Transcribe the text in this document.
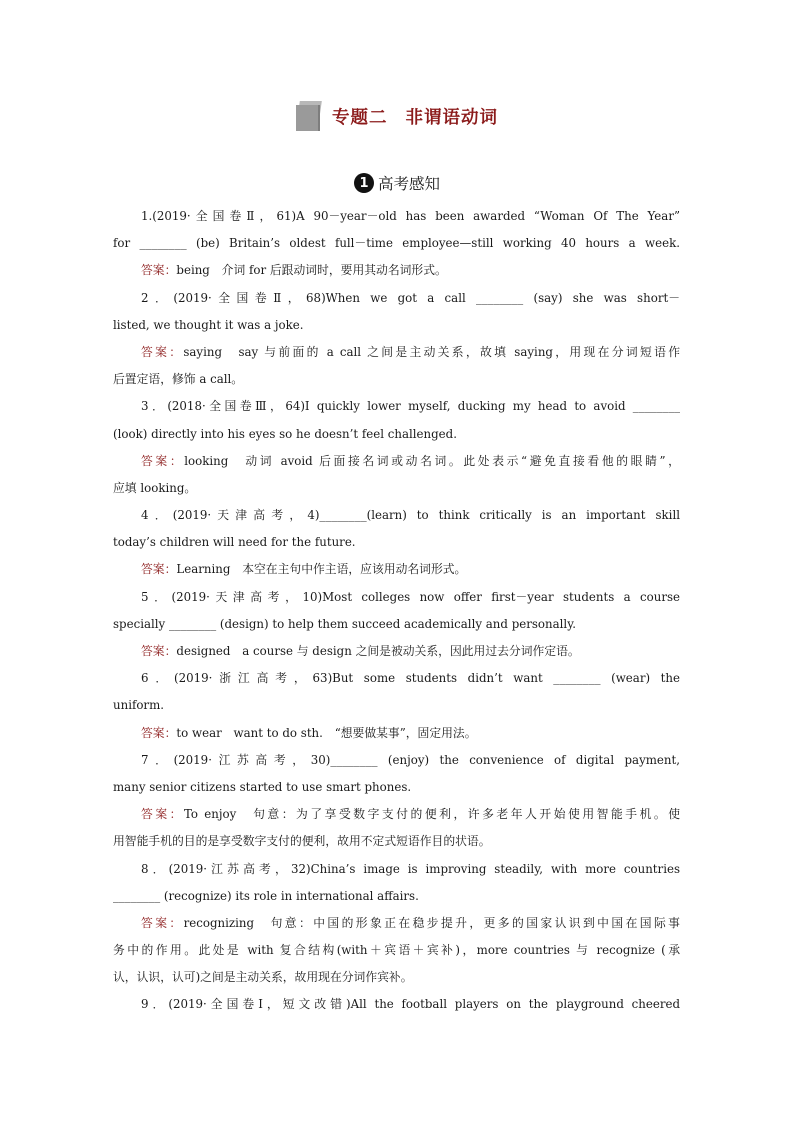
专题二 非谓语动词
1 高考感知
1.(2019·全国卷Ⅱ，61)A 90－year－old has been awarded “Woman Of The Year”
for ________ (be) Britain’s oldest full－time employee—still working 40 hours a week.
答案：being　介词 for 后跟动词时，要用其动名词形式。
2．(2019·全国卷Ⅱ，68)When we got a call ________ (say) she was short－
listed, we thought it was a joke.
答案：saying　say 与前面的 a call 之间是主动关系，故填 saying，用现在分词短语作
后置定语，修饰 a call。
3．(2018·全国卷Ⅲ，64)I quickly lower myself, ducking my head to avoid ________
(look) directly into his eyes so he doesn’t feel challenged.
答案：looking　动词 avoid 后面接名词或动名词。此处表示“避免直接看他的眼睛”，
应填 looking。
4．(2019·天津高考，4)________(learn) to think critically is an important skill
today’s children will need for the future.
答案：Learning　本空在主句中作主语，应该用动名词形式。
5．(2019·天津高考，10)Most colleges now offer first－year students a course
specially ________ (design) to help them succeed academically and personally.
答案：designed　a course 与 design 之间是被动关系，因此用过去分词作定语。
6．(2019·浙江高考，63)But some students didn’t want ________ (wear) the
uniform.
答案：to wear　want to do sth.　“想要做某事”，固定用法。
7．(2019·江苏高考，30)________ (enjoy) the convenience of digital payment,
many senior citizens started to use smart phones.
答案：To enjoy　句意：为了享受数字支付的便利，许多老年人开始使用智能手机。使
用智能手机的目的是享受数字支付的便利，故用不定式短语作目的状语。
8．(2019·江苏高考，32)China’s image is improving steadily, with more countries
________ (recognize) its role in international affairs.
答案：recognizing　句意：中国的形象正在稳步提升，更多的国家认识到中国在国际事
务中的作用。此处是 with 复合结构(with＋宾语＋宾补)，more countries 与 recognize (承
认，认识，认可)之间是主动关系，故用现在分词作宾补。
9．(2019·全国卷Ⅰ，短文改错)All the football players on the playground cheered
